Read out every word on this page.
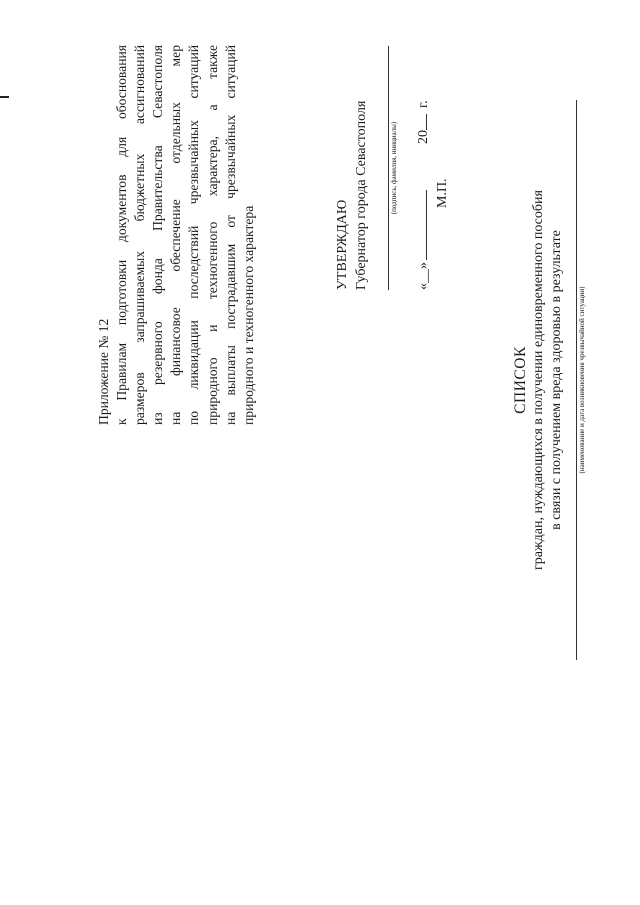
Приложение № 12 к Правилам подготовки документов для обоснования размеров запрашиваемых бюджетных ассигнований из резервного фонда Правительства Севастополя на финансовое обеспечение отдельных мер по ликвидации последствий чрезвычайных ситуаций природного и техногенного характера, а также на выплаты пострадавшим от чрезвычайных ситуаций природного и техногенного характера	УТВЕРЖДАЮ Губернатор города Севастополя	(подпись, фамилия, инициалы)
«__»
20
г.
М.П.
СПИСОК граждан, нуждающихся в получении единовременного пособия в связи с получением вреда здоровью в результате (наименование и дата возникновения чрезвычайной ситуации)
